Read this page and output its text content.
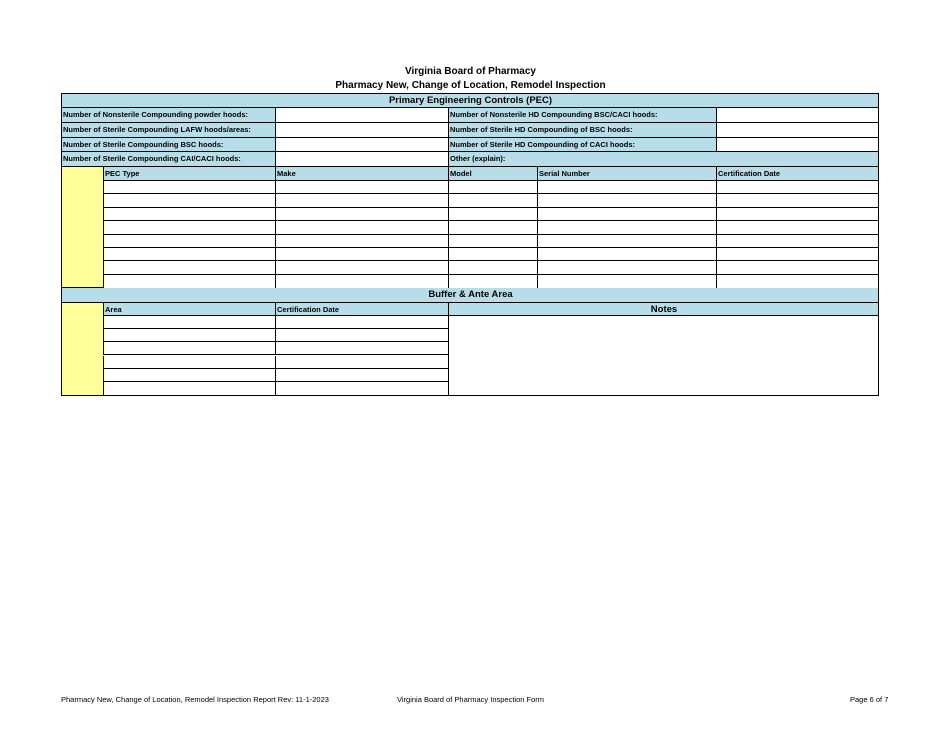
Virginia Board of Pharmacy
Pharmacy New, Change of Location, Remodel Inspection
Primary Engineering Controls (PEC)
Number of Nonsterile Compounding powder hoods:	Number of Nonsterile HD Compounding BSC/CACI hoods:
Number of Sterile Compounding LAFW hoods/areas:	Number of Sterile HD Compounding of BSC hoods:
Number of Sterile Compounding BSC hoods:	Number of Sterile HD Compounding of CACI hoods:
Number of Sterile Compounding CAI/CACI hoods:	Other (explain):
PEC Type	Make	Model	Serial Number	Certification Date
Buffer & Ante Area
Area	Certification Date	Notes
Pharmacy New, Change of Location, Remodel Inspection Report Rev: 11-1-2023	Virginia Board of Pharmacy Inspection Form	Page 6 of 7
